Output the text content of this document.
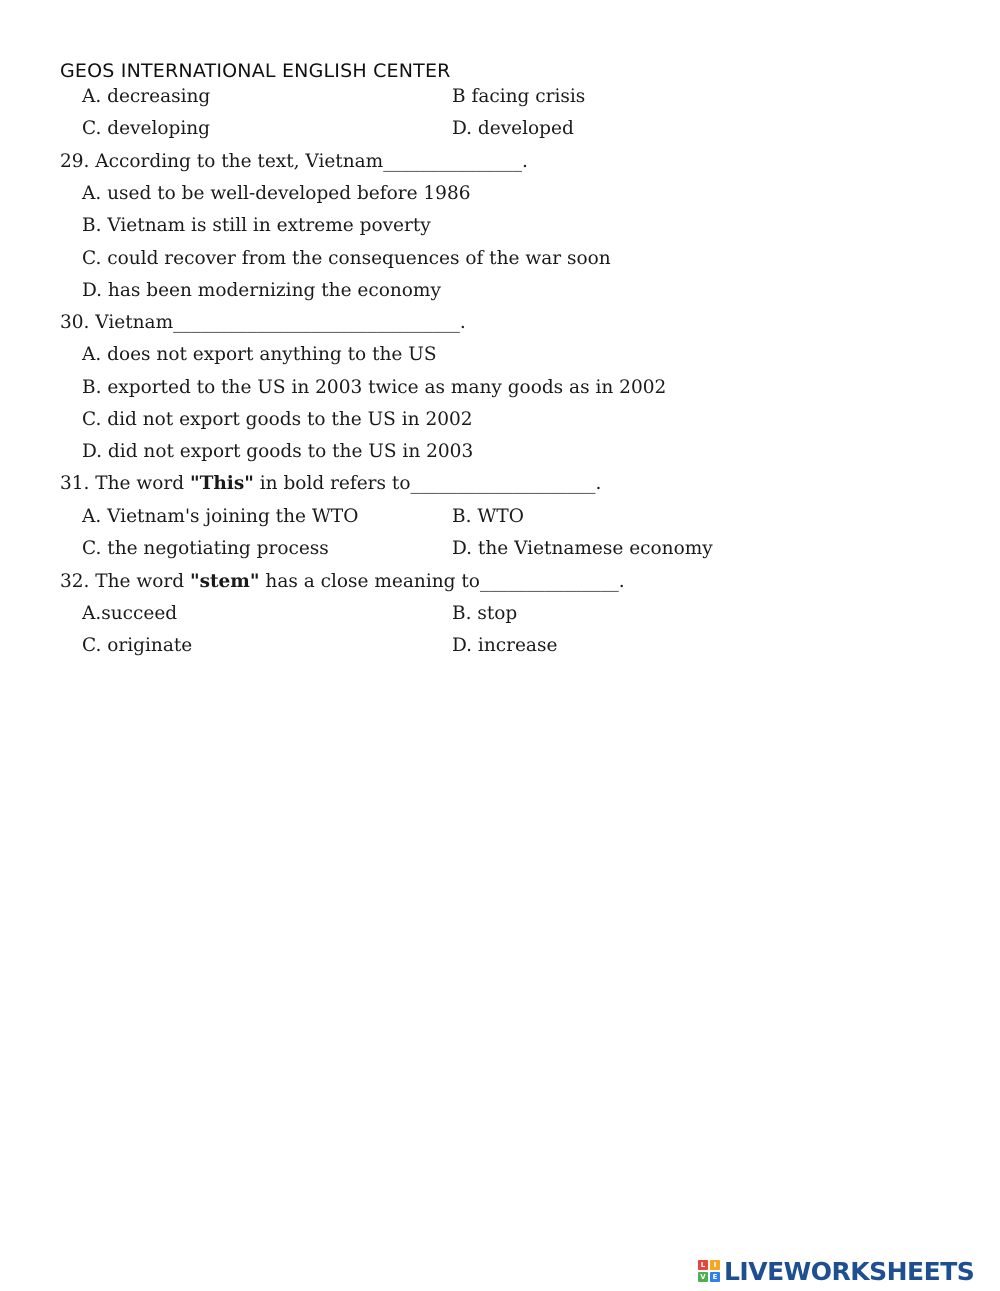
GEOS INTERNATIONAL ENGLISH CENTER
A. decreasing	B facing crisis
C. developing	D. developed
29. According to the text, Vietnam_______________.
A. used to be well-developed before 1986
B. Vietnam is still in extreme poverty
C. could recover from the consequences of the war soon
D. has been modernizing the economy
30. Vietnam_______________________________.
A. does not export anything to the US
B. exported to the US in 2003 twice as many goods as in 2002
C. did not export goods to the US in 2002
D. did not export goods to the US in 2003
31. The word "This" in bold refers to____________________.
A. Vietnam's joining the WTO	B. WTO
C. the negotiating process	D. the Vietnamese economy
32. The word "stem" has a close meaning to_______________.
A.succeed	B. stop
C. originate	D. increase
L	I
V E LIVEWORKSHEETS
